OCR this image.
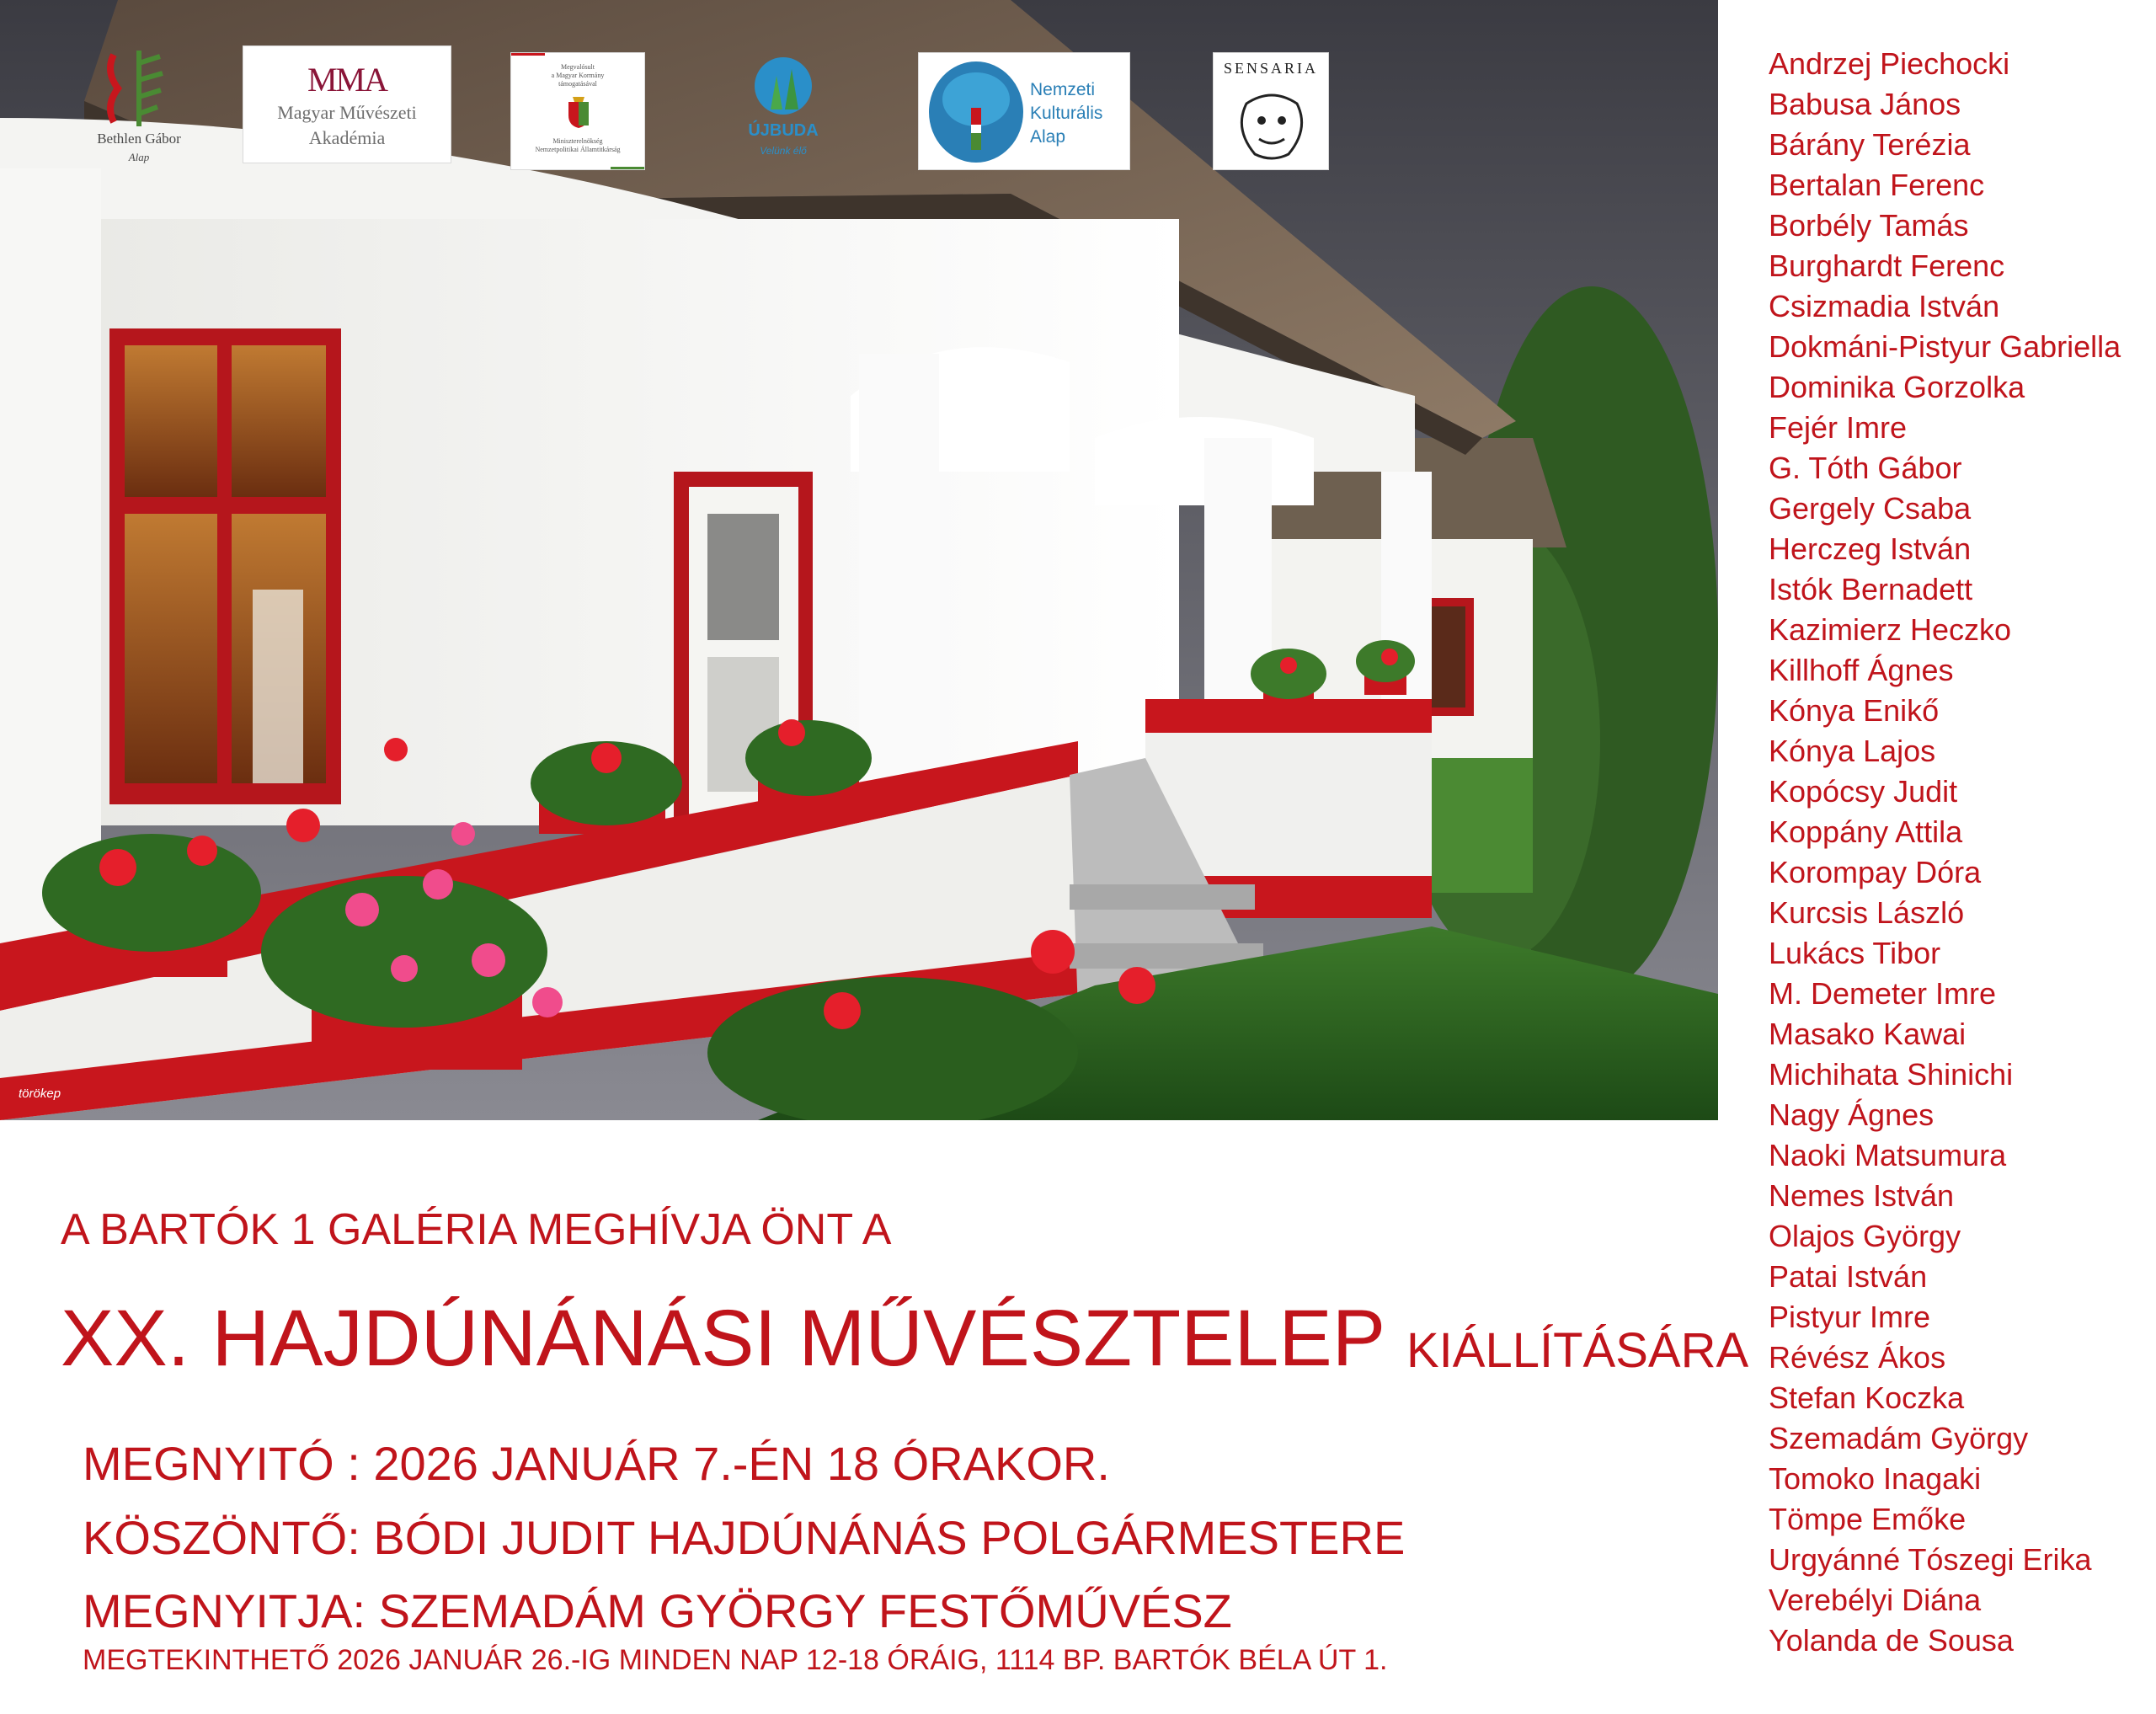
Bethlen Gábor
Alap
MMA
Magyar Művészeti
Akadémia
Megvalósult
a Magyar Kormány
támogatásával
Miniszterelnökség
Nemzetpolitikai Államtitkárság
ÚJBUDA
Velünk élő
Nemzeti
Kulturális
Alap
SENSARIA
törökep
Andrzej Piechocki
Babusa János
Bárány Terézia
Bertalan Ferenc
Borbély Tamás
Burghardt Ferenc
Csizmadia István
Dokmáni-Pistyur Gabriella
Dominika Gorzolka
Fejér Imre
G. Tóth Gábor
Gergely Csaba
Herczeg István
Istók Bernadett
Kazimierz Heczko
Killhoff Ágnes
Kónya Enikő
Kónya Lajos
Kopócsy Judit
Koppány Attila
Korompay Dóra
Kurcsis László
Lukács Tibor
M. Demeter Imre
Masako Kawai
Michihata Shinichi
Nagy Ágnes
Naoki Matsumura
Nemes István
Olajos György
Patai István
Pistyur Imre
Révész Ákos
Stefan Koczka
Szemadám György
Tomoko Inagaki
Tömpe Emőke
Urgyánné Tószegi Erika
Verebélyi Diána
Yolanda de Sousa
A BARTÓK 1 GALÉRIA MEGHÍVJA ÖNT A
XX. HAJDÚNÁNÁSI MŰVÉSZTELEP KIÁLLÍTÁSÁRA
MEGNYITÓ : 2026 JANUÁR 7.-ÉN 18 ÓRAKOR.
KÖSZÖNTŐ: BÓDI JUDIT HAJDÚNÁNÁS POLGÁRMESTERE
MEGNYITJA: SZEMADÁM GYÖRGY FESTŐMŰVÉSZ
MEGTEKINTHETŐ 2026 JANUÁR 26.-IG MINDEN NAP 12-18 ÓRÁIG, 1114 BP. BARTÓK BÉLA ÚT 1.
